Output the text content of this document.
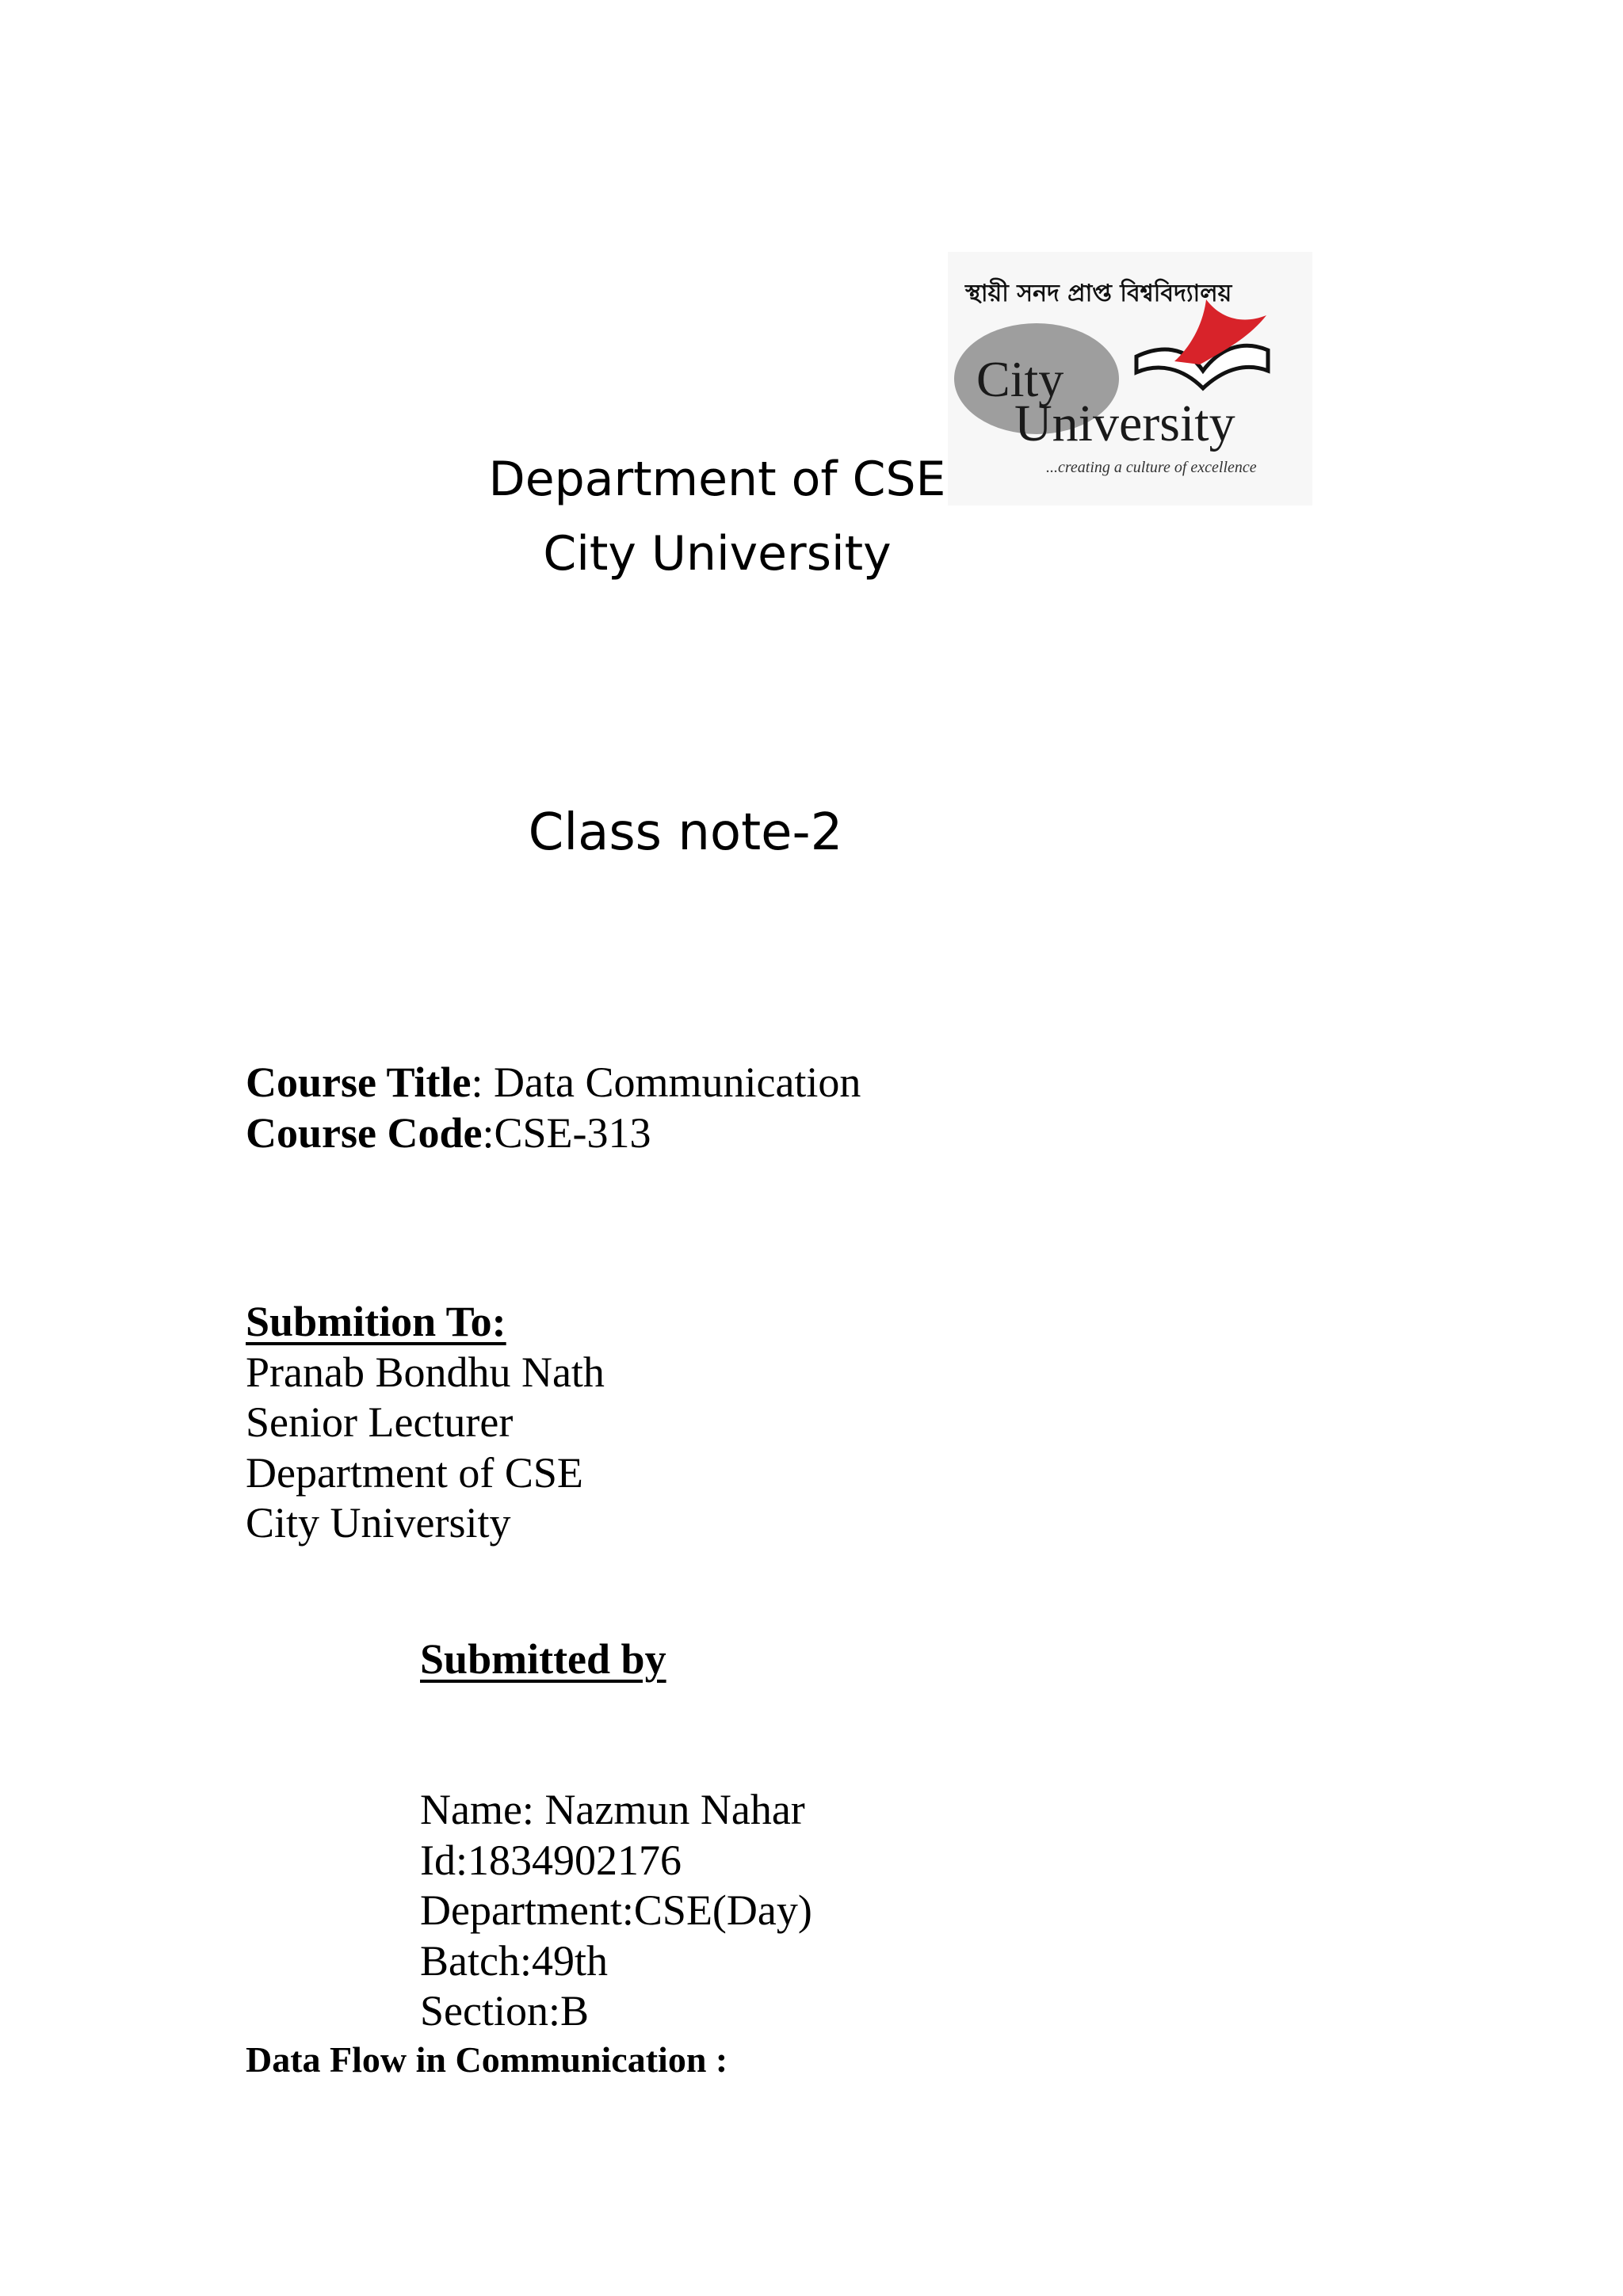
স্থায়ী সনদ প্রাপ্ত বিশ্ববিদ্যালয়
City
University
...creating a culture of excellence
Department of CSE
City University
Class note-2
Course Title: Data Communication
Course Code:CSE-313
Submition To:
Pranab Bondhu Nath
Senior Lecturer
Department of CSE
City University
Submitted by
Name: Nazmun Nahar
Id:1834902176
Department:CSE(Day)
Batch:49th
Section:B
Data Flow in Communication :
